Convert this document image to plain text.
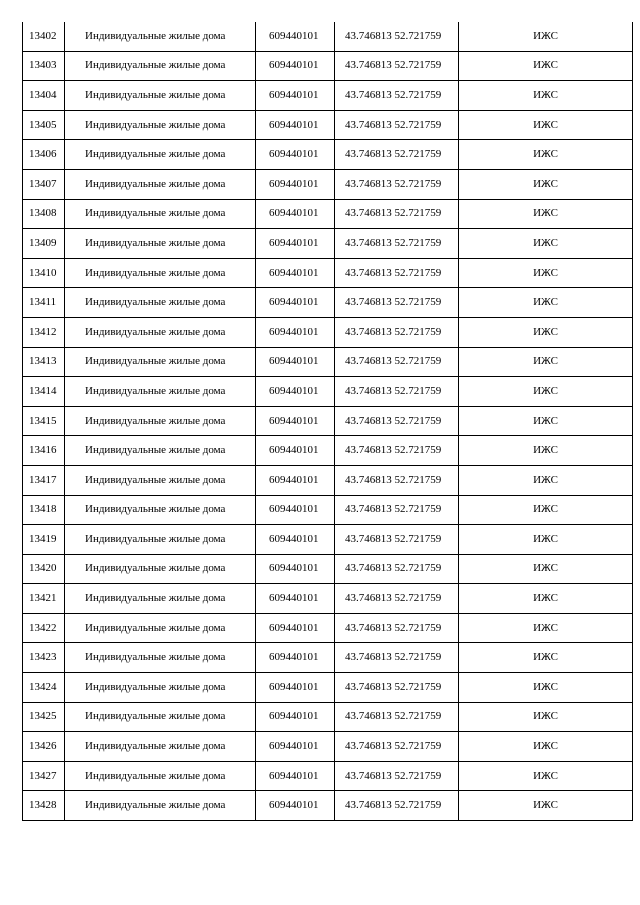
13402	Индивидуальные жилые дома	609440101	43.746813 52.721759	ИЖС
13403	Индивидуальные жилые дома	609440101	43.746813 52.721759	ИЖС
13404	Индивидуальные жилые дома	609440101	43.746813 52.721759	ИЖС
13405	Индивидуальные жилые дома	609440101	43.746813 52.721759	ИЖС
13406	Индивидуальные жилые дома	609440101	43.746813 52.721759	ИЖС
13407	Индивидуальные жилые дома	609440101	43.746813 52.721759	ИЖС
13408	Индивидуальные жилые дома	609440101	43.746813 52.721759	ИЖС
13409	Индивидуальные жилые дома	609440101	43.746813 52.721759	ИЖС
13410	Индивидуальные жилые дома	609440101	43.746813 52.721759	ИЖС
13411	Индивидуальные жилые дома	609440101	43.746813 52.721759	ИЖС
13412	Индивидуальные жилые дома	609440101	43.746813 52.721759	ИЖС
13413	Индивидуальные жилые дома	609440101	43.746813 52.721759	ИЖС
13414	Индивидуальные жилые дома	609440101	43.746813 52.721759	ИЖС
13415	Индивидуальные жилые дома	609440101	43.746813 52.721759	ИЖС
13416	Индивидуальные жилые дома	609440101	43.746813 52.721759	ИЖС
13417	Индивидуальные жилые дома	609440101	43.746813 52.721759	ИЖС
13418	Индивидуальные жилые дома	609440101	43.746813 52.721759	ИЖС
13419	Индивидуальные жилые дома	609440101	43.746813 52.721759	ИЖС
13420	Индивидуальные жилые дома	609440101	43.746813 52.721759	ИЖС
13421	Индивидуальные жилые дома	609440101	43.746813 52.721759	ИЖС
13422	Индивидуальные жилые дома	609440101	43.746813 52.721759	ИЖС
13423	Индивидуальные жилые дома	609440101	43.746813 52.721759	ИЖС
13424	Индивидуальные жилые дома	609440101	43.746813 52.721759	ИЖС
13425	Индивидуальные жилые дома	609440101	43.746813 52.721759	ИЖС
13426	Индивидуальные жилые дома	609440101	43.746813 52.721759	ИЖС
13427	Индивидуальные жилые дома	609440101	43.746813 52.721759	ИЖС
13428	Индивидуальные жилые дома	609440101	43.746813 52.721759	ИЖС
